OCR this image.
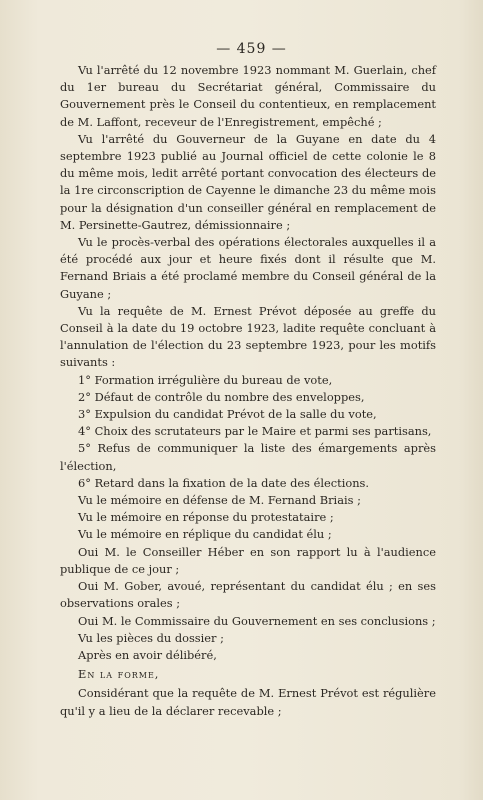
— 459 —

Vu l'arrêté du 12 novembre 1923 nommant M. Guerlain, chef du 1er bureau du Secrétariat général, Commissaire du Gouvernement près le Conseil du contentieux, en remplacement de M. Laffont, receveur de l'Enregistrement, empêché ;

Vu l'arrêté du Gouverneur de la Guyane en date du 4 septembre 1923 publié au Journal officiel de cette colonie le 8 du même mois, ledit arrêté portant convocation des électeurs de la 1re circonscription de Cayenne le dimanche 23 du même mois pour la désignation d'un conseiller général en remplacement de M. Persinette-Gautrez, démissionnaire ;

Vu le procès-verbal des opérations électorales auxquelles il a été procédé aux jour et heure fixés dont il résulte que M. Fernand Briais a été proclamé membre du Conseil général de la Guyane ;

Vu la requête de M. Ernest Prévot déposée au greffe du Conseil à la date du 19 octobre 1923, ladite requête concluant à l'annulation de l'élection du 23 septembre 1923, pour les motifs suivants :

1° Formation irrégulière du bureau de vote,

2° Défaut de contrôle du nombre des enveloppes,

3° Expulsion du candidat Prévot de la salle du vote,

4° Choix des scrutateurs par le Maire et parmi ses partisans,

5° Refus de communiquer la liste des émargements après l'élection,

6° Retard dans la fixation de la date des élections.

Vu le mémoire en défense de M. Fernand Briais ;

Vu le mémoire en réponse du protestataire ;

Vu le mémoire en réplique du candidat élu ;

Oui M. le Conseiller Héber en son rapport lu à l'audience publique de ce jour ;

Oui M. Gober, avoué, représentant du candidat élu ; en ses observations orales ;

Oui M. le Commissaire du Gouvernement en ses conclusions ;

Vu les pièces du dossier ;

Après en avoir délibéré,

En la forme,

Considérant que la requête de M. Ernest Prévot est régulière qu'il y a lieu de la déclarer recevable ;
